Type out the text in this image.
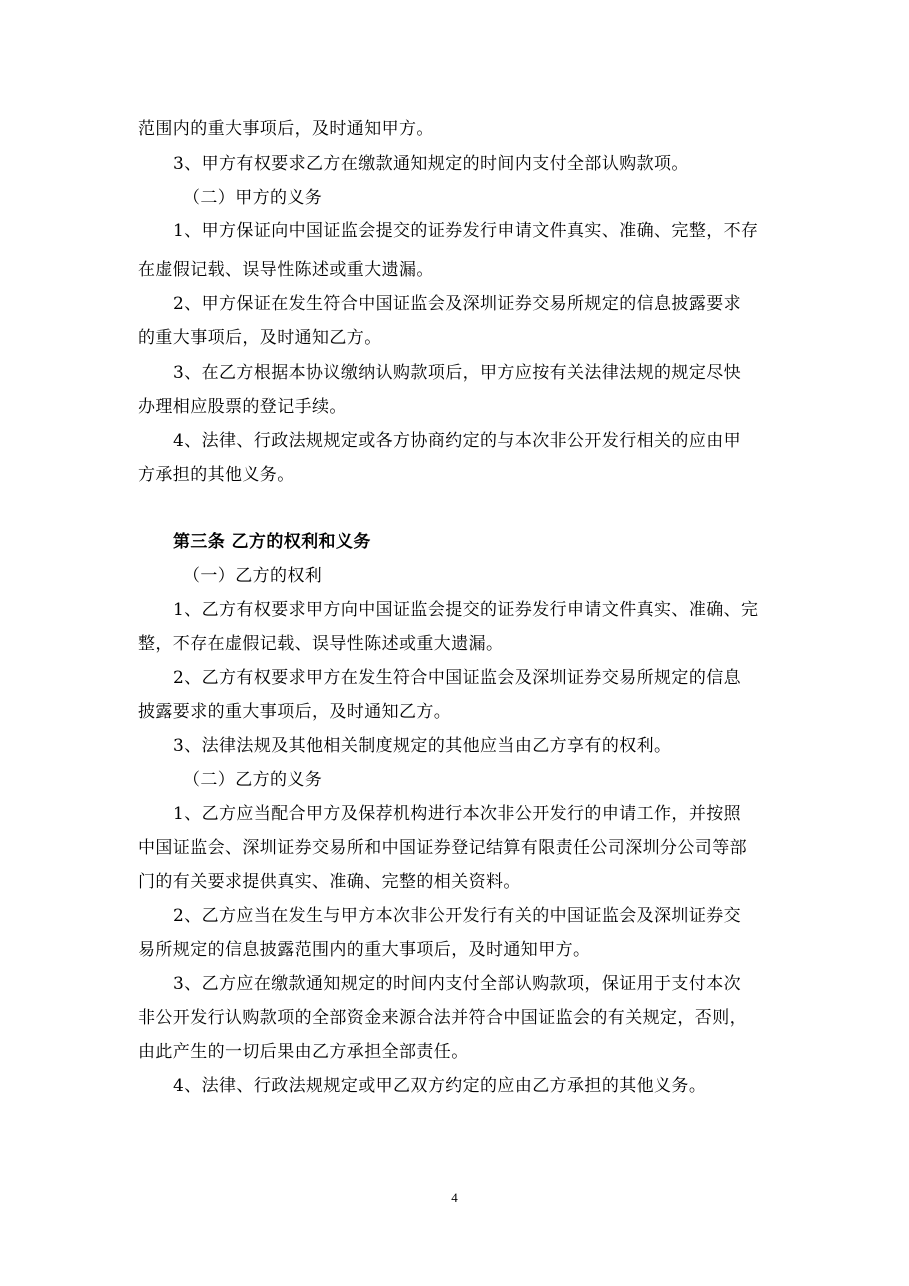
范围内的重大事项后，及时通知甲方。
3、甲方有权要求乙方在缴款通知规定的时间内支付全部认购款项。
（二）甲方的义务
1、甲方保证向中国证监会提交的证券发行申请文件真实、准确、完整，不存
在虚假记载、误导性陈述或重大遗漏。
2、甲方保证在发生符合中国证监会及深圳证券交易所规定的信息披露要求
的重大事项后，及时通知乙方。
3、在乙方根据本协议缴纳认购款项后，甲方应按有关法律法规的规定尽快
办理相应股票的登记手续。
4、法律、行政法规规定或各方协商约定的与本次非公开发行相关的应由甲
方承担的其他义务。
第三条 乙方的权利和义务
（一）乙方的权利
1、乙方有权要求甲方向中国证监会提交的证券发行申请文件真实、准确、完
整，不存在虚假记载、误导性陈述或重大遗漏。
2、乙方有权要求甲方在发生符合中国证监会及深圳证券交易所规定的信息
披露要求的重大事项后，及时通知乙方。
3、法律法规及其他相关制度规定的其他应当由乙方享有的权利。
（二）乙方的义务
1、乙方应当配合甲方及保荐机构进行本次非公开发行的申请工作，并按照
中国证监会、深圳证券交易所和中国证券登记结算有限责任公司深圳分公司等部
门的有关要求提供真实、准确、完整的相关资料。
2、乙方应当在发生与甲方本次非公开发行有关的中国证监会及深圳证券交
易所规定的信息披露范围内的重大事项后，及时通知甲方。
3、乙方应在缴款通知规定的时间内支付全部认购款项，保证用于支付本次
非公开发行认购款项的全部资金来源合法并符合中国证监会的有关规定，否则，
由此产生的一切后果由乙方承担全部责任。
4、法律、行政法规规定或甲乙双方约定的应由乙方承担的其他义务。
4
